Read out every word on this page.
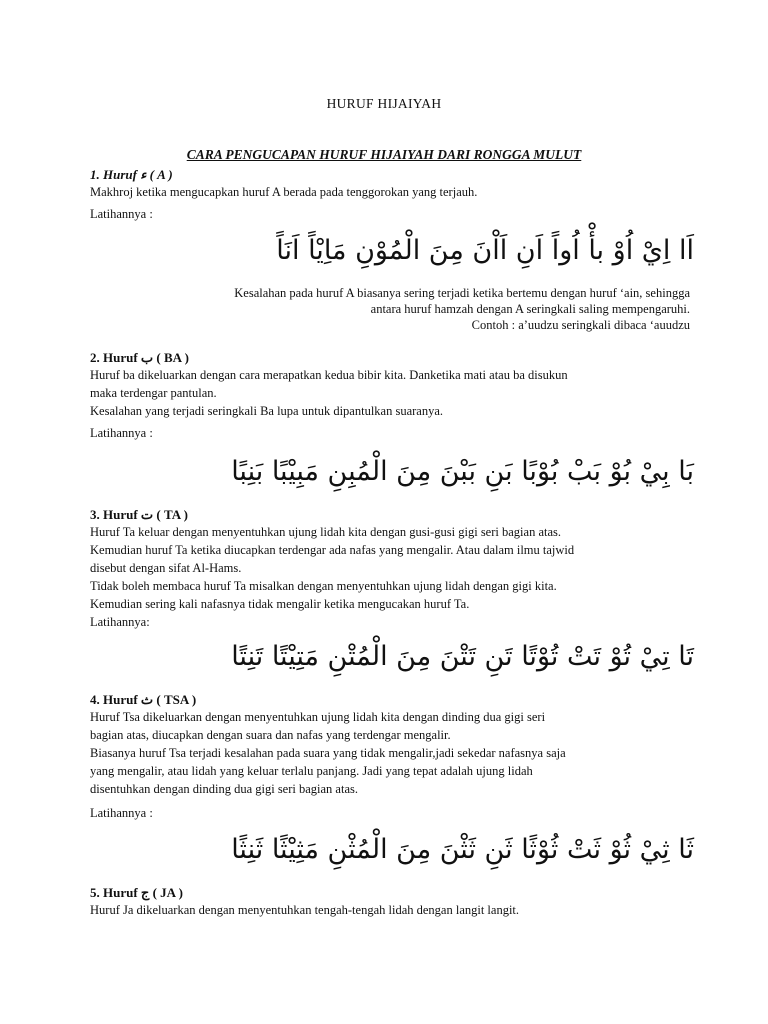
HURUF HIJAIYAH
CARA PENGUCAPAN HURUF HIJAIYAH DARI RONGGA MULUT
1. Huruf ء ( A )
Makhroj ketika mengucapkan huruf A berada pada tenggorokan yang terjauh.
Latihannya :
اَا اِيْ اُوْ بأْ اُواً اَنِ اَاْنَ مِنَ الْمُوْنِ مَاِيْاً اَنَاً
Kesalahan pada huruf A biasanya sering terjadi ketika bertemu dengan huruf ‘ain, sehingga
antara huruf hamzah dengan A seringkali saling mempengaruhi.
Contoh : a’uudzu seringkali dibaca ‘auudzu
2. Huruf ب ( BA )
Huruf ba dikeluarkan dengan cara merapatkan kedua bibir kita. Danketika mati atau ba disukun
maka terdengar pantulan.
Kesalahan yang terjadi seringkali Ba lupa untuk dipantulkan suaranya.
Latihannya :
بَا بِيْ بُوْ بَبْ بُوْبًا بَنِ بَبْنَ مِنَ الْمُبِنِ مَبِيْبًا بَنِبًا
3. Huruf ت ( TA )
Huruf Ta keluar dengan menyentuhkan ujung lidah kita dengan gusi-gusi gigi seri bagian atas.
Kemudian huruf Ta ketika diucapkan terdengar ada nafas yang mengalir. Atau dalam ilmu tajwid
disebut dengan sifat Al-Hams.
Tidak boleh membaca huruf Ta misalkan dengan menyentuhkan ujung lidah dengan gigi kita.
Kemudian sering kali nafasnya tidak mengalir ketika mengucakan huruf Ta.
Latihannya:
تَا تِيْ تُوْ تَتْ تُوْتًا تَنِ تَتْنَ مِنَ الْمُتْنِ مَتِيْتًا تَنِتًا
4. Huruf ث ( TSA )
Huruf Tsa dikeluarkan dengan menyentuhkan ujung lidah kita dengan dinding dua gigi seri
bagian atas, diucapkan dengan suara dan nafas yang terdengar mengalir.
Biasanya huruf Tsa terjadi kesalahan pada suara yang tidak mengalir,jadi sekedar nafasnya saja
yang mengalir, atau lidah yang keluar terlalu panjang. Jadi yang tepat adalah ujung lidah
disentuhkan dengan dinding dua gigi seri bagian atas.
Latihannya :
ثَا ثِيْ ثُوْ ثَتْ ثُوْثًا ثَنِ ثَثْنَ مِنَ الْمُثْنِ مَثِيْثًا ثَنِثًا
5. Huruf ج ( JA )
Huruf Ja dikeluarkan dengan menyentuhkan tengah-tengah lidah dengan langit langit.
